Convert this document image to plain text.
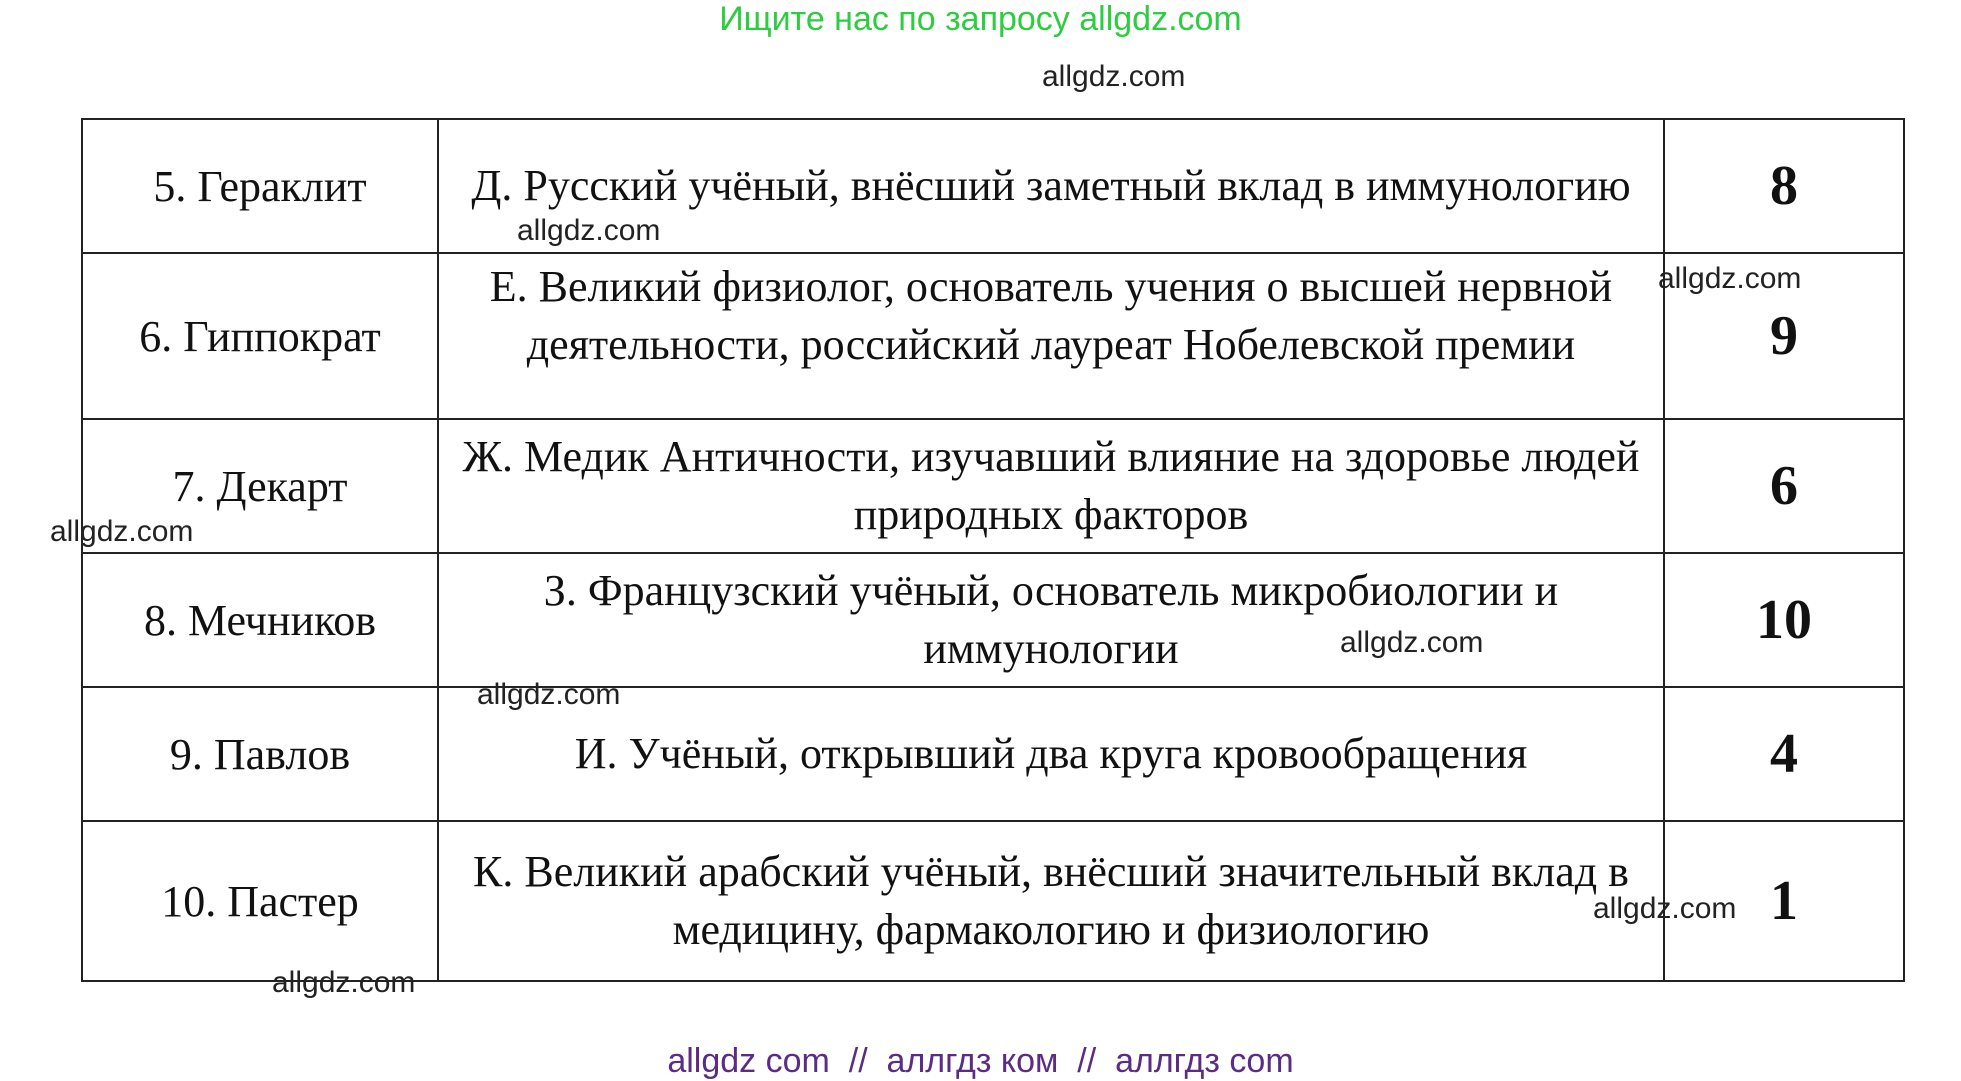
Ищите нас по запросу allgdz.com
allgdz.com
allgdz.com
allgdz.com
allgdz.com
allgdz.com
allgdz.com
allgdz.com
allgdz.com
5. Гераклит	Д. Русский учёный, внёсший заметный вклад в иммунологию	8
6. Гиппократ	Е. Великий физиолог, основатель учения о высшей нервной деятельности, российский лауреат Нобелевской премии	9
7. Декарт	Ж. Медик Античности, изучавший влияние на здоровье людей природных факторов	6
8. Мечников	З. Французский учёный, основатель микробиологии и иммунологии	10
9. Павлов	И. Учёный, открывший два круга кровообращения	4
10. Пастер	К. Великий арабский учёный, внёсший значительный вклад в медицину, фармакологию и физиологию	1
allgdz com  //  аллгдз ком  //  аллгдз com
